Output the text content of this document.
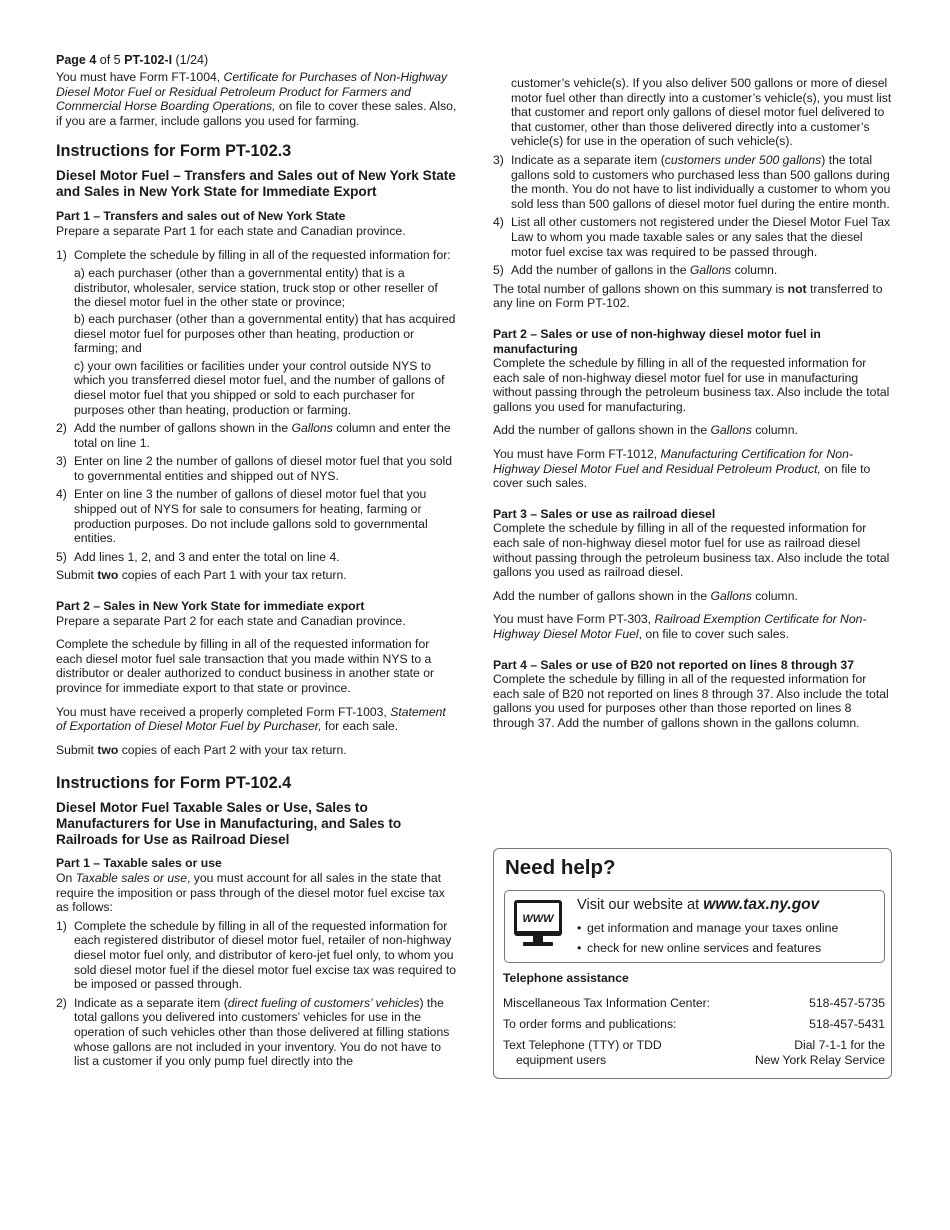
Page 4 of 5 PT-102-I (1/24)

You must have Form FT-1004, Certificate for Purchases of Non-Highway Diesel Motor Fuel or Residual Petroleum Product for Farmers and Commercial Horse Boarding Operations, on file to cover these sales. Also, if you are a farmer, include gallons you used for farming.

Instructions for Form PT-102.3
Diesel Motor Fuel – Transfers and Sales out of New York State and Sales in New York State for Immediate Export
Part 1 – Transfers and sales out of New York State

Prepare a separate Part 1 for each state and Canadian province.

1) Complete the schedule by filling in all of the requested information for:
a) each purchaser (other than a governmental entity) that is a distributor, wholesaler, service station, truck stop or other reseller of the diesel motor fuel in the other state or province;
b) each purchaser (other than a governmental entity) that has acquired diesel motor fuel for purposes other than heating, production or farming; and
c) your own facilities or facilities under your control outside NYS to which you transferred diesel motor fuel, and the number of gallons of diesel motor fuel that you shipped or sold to each purchaser for purposes other than heating, production or farming.
2) Add the number of gallons shown in the Gallons column and enter the total on line 1.
3) Enter on line 2 the number of gallons of diesel motor fuel that you sold to governmental entities and shipped out of NYS.
4) Enter on line 3 the number of gallons of diesel motor fuel that you shipped out of NYS for sale to consumers for heating, farming or production purposes. Do not include gallons sold to governmental entities.
5) Add lines 1, 2, and 3 and enter the total on line 4.

Submit two copies of each Part 1 with your tax return.

Part 2 – Sales in New York State for immediate export

Prepare a separate Part 2 for each state and Canadian province.

Complete the schedule by filling in all of the requested information for each diesel motor fuel sale transaction that you made within NYS to a distributor or dealer authorized to conduct business in another state or province for immediate export to that state or province.

You must have received a properly completed Form FT-1003, Statement of Exportation of Diesel Motor Fuel by Purchaser, for each sale.

Submit two copies of each Part 2 with your tax return.

Instructions for Form PT-102.4
Diesel Motor Fuel Taxable Sales or Use, Sales to Manufacturers for Use in Manufacturing, and Sales to Railroads for Use as Railroad Diesel
Part 1 – Taxable sales or use

On Taxable sales or use, you must account for all sales in the state that require the imposition or pass through of the diesel motor fuel excise tax as follows:

1) Complete the schedule by filling in all of the requested information for each registered distributor of diesel motor fuel, retailer of non-highway diesel motor fuel only, and distributor of kero-jet fuel only, to whom you sold diesel motor fuel if the diesel motor fuel excise tax was required to be imposed or passed through.
2) Indicate as a separate item (direct fueling of customers’ vehicles) the total gallons you delivered into customers’ vehicles for use in the operation of such vehicles other than those delivered at filling stations whose gallons are not included in your inventory. You do not have to list a customer if you only pump fuel directly into the

customer’s vehicle(s). If you also deliver 500 gallons or more of diesel motor fuel other than directly into a customer’s vehicle(s), you must list that customer and report only gallons of diesel motor fuel delivered to that customer, other than those delivered directly into a customer’s vehicle(s) for use in the operation of such vehicle(s).

3) Indicate as a separate item (customers under 500 gallons) the total gallons sold to customers who purchased less than 500 gallons during the month. You do not have to list individually a customer to whom you sold less than 500 gallons of diesel motor fuel during the entire month.
4) List all other customers not registered under the Diesel Motor Fuel Tax Law to whom you made taxable sales or any sales that the diesel motor fuel excise tax was required to be passed through.
5) Add the number of gallons in the Gallons column.

The total number of gallons shown on this summary is not transferred to any line on Form PT-102.

Part 2 – Sales or use of non-highway diesel motor fuel in manufacturing

Complete the schedule by filling in all of the requested information for each sale of non-highway diesel motor fuel for use in manufacturing without passing through the petroleum business tax. Also include the total gallons you used for manufacturing.

Add the number of gallons shown in the Gallons column.

You must have Form FT-1012, Manufacturing Certification for Non-Highway Diesel Motor Fuel and Residual Petroleum Product, on file to cover such sales.

Part 3 – Sales or use as railroad diesel

Complete the schedule by filling in all of the requested information for each sale of non-highway diesel motor fuel for use as railroad diesel without passing through the petroleum business tax. Also include the total gallons you used as railroad diesel.

Add the number of gallons shown in the Gallons column.

You must have Form PT-303, Railroad Exemption Certificate for Non-Highway Diesel Motor Fuel, on file to cover such sales.

Part 4 – Sales or use of B20 not reported on lines 8 through 37

Complete the schedule by filling in all of the requested information for each sale of B20 not reported on lines 8 through 37. Also include the total gallons you used for purposes other than those reported on lines 8 through 37. Add the number of gallons shown in the gallons column.

Need help?
WWW
Visit our website at www.tax.ny.gov
• get information and manage your taxes online
• check for new online services and features
Telephone assistance
Miscellaneous Tax Information Center:	518-457-5735
To order forms and publications:	518-457-5431
Text Telephone (TTY) or TDD
equipment users
Dial 7-1-1 for the
New York Relay Service
